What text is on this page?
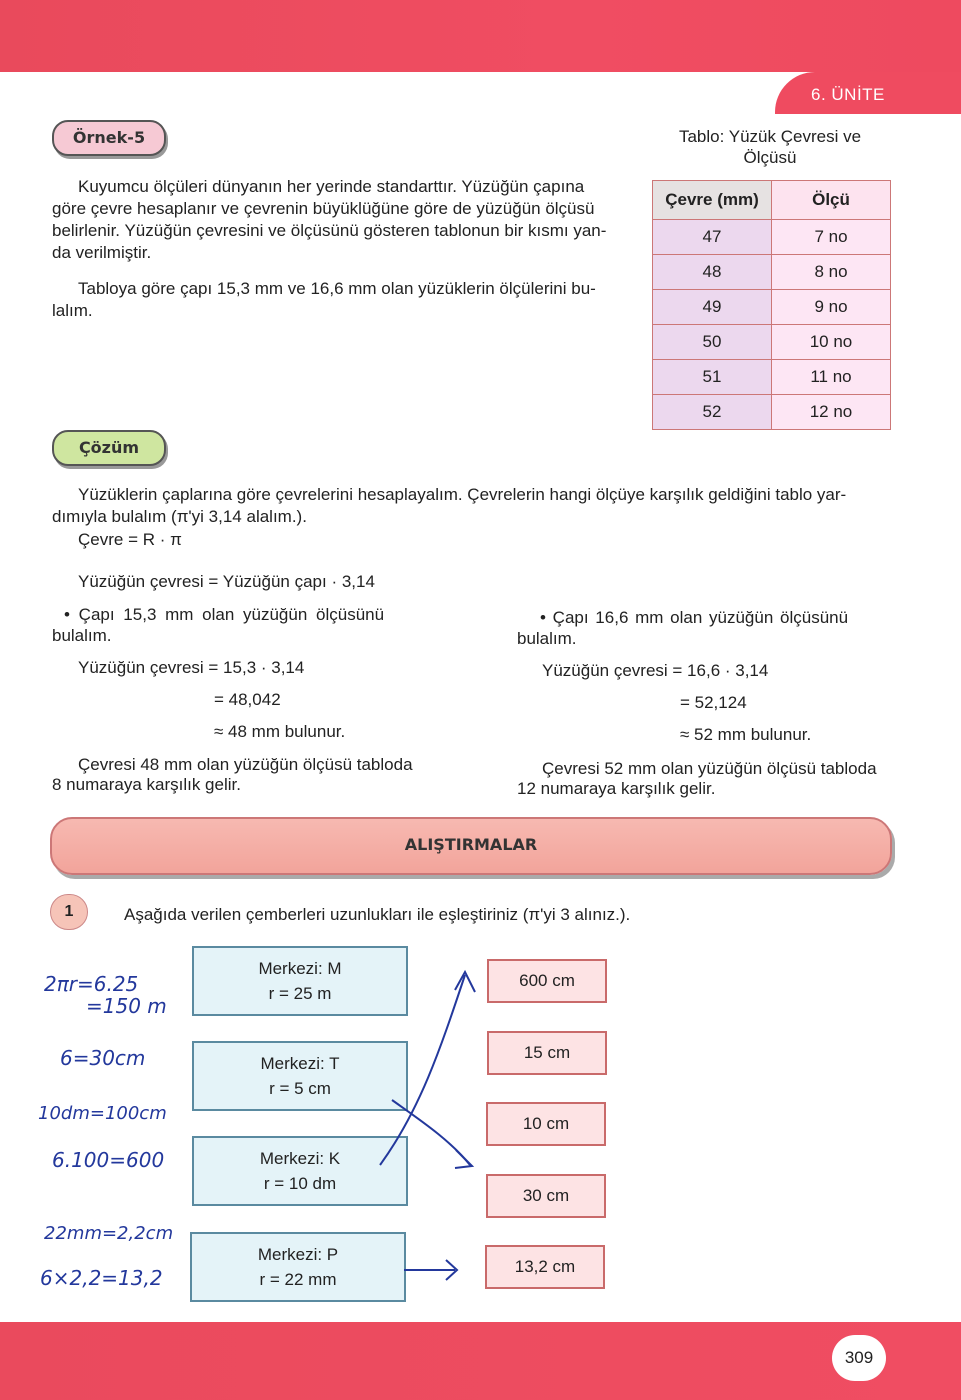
6. ÜNİTE
Örnek-5
Kuyumcu ölçüleri dünyanın her yerinde standarttır. Yüzüğün çapına
göre çevre hesaplanır ve çevrenin büyüklüğüne göre de yüzüğün ölçüsü
belirlenir. Yüzüğün çevresini ve ölçüsünü gösteren tablonun bir kısmı yan-
da verilmiştir.
Tabloya göre çapı 15,3 mm ve 16,6 mm olan yüzüklerin ölçülerini bu-
lalım.
Tablo: Yüzük Çevresi ve
Ölçüsü
Çevre (mm)	Ölçü
47	7 no
48	8 no
49	9 no
50	10 no
51	11 no
52	12 no
Çözüm
Yüzüklerin çaplarına göre çevrelerini hesaplayalım. Çevrelerin hangi ölçüye karşılık geldiğini tablo yar-
dımıyla bulalım (π'yi 3,14 alalım.).
Çevre = R · π
Yüzüğün çevresi = Yüzüğün çapı · 3,14
• Çapı 15,3 mm olan yüzüğün ölçüsünü
bulalım.
Yüzüğün çevresi = 15,3 · 3,14
= 48,042
≈ 48 mm bulunur.
Çevresi 48 mm olan yüzüğün ölçüsü tabloda
8 numaraya karşılık gelir.
• Çapı 16,6 mm olan yüzüğün ölçüsünü
bulalım.
Yüzüğün çevresi = 16,6 · 3,14
= 52,124
≈ 52 mm bulunur.
Çevresi 52 mm olan yüzüğün ölçüsü tabloda
12 numaraya karşılık gelir.
ALIŞTIRMALAR
1	Aşağıda verilen çemberleri uzunlukları ile eşleştiriniz (π'yi 3 alınız.).
Merkezi: M
r = 25 m
Merkezi: T
r = 5 cm
Merkezi: K
r = 10 dm
Merkezi: P
r = 22 mm
600 cm
15 cm
10 cm
30 cm
13,2 cm
2πr=6.25
=150 m
6=30cm
10dm=100cm
6.100=600
22mm=2,2cm
6×2,2=13,2
309
